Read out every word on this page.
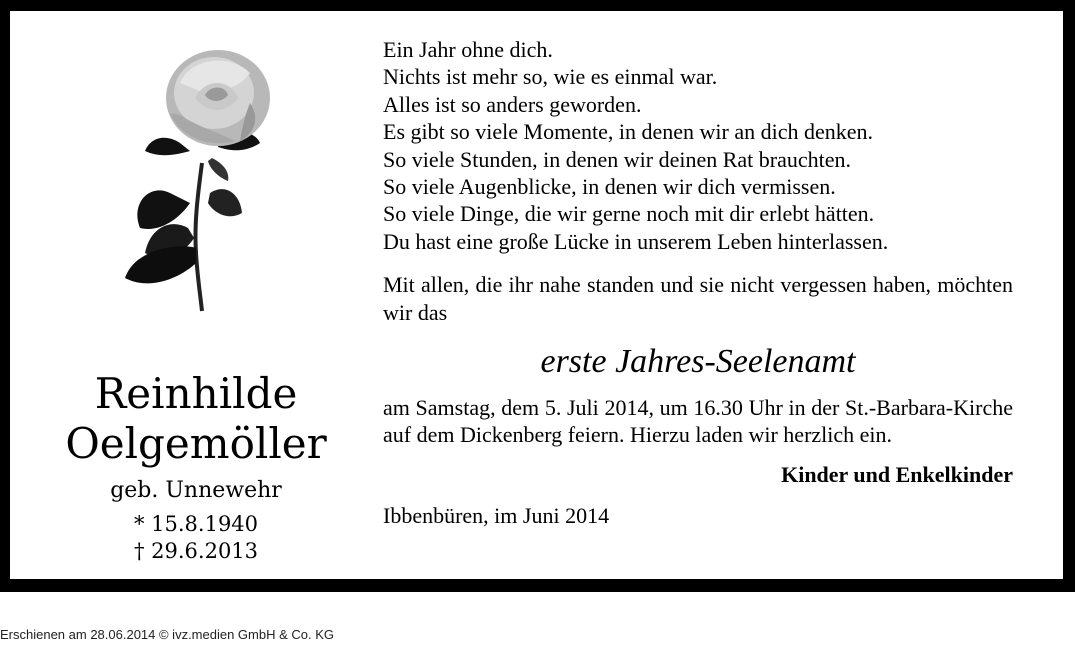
Reinhilde
Oelgemöller
geb. Unnewehr
* 15.8.1940
† 29.6.2013
Ein Jahr ohne dich.
Nichts ist mehr so, wie es einmal war.
Alles ist so anders geworden.
Es gibt so viele Momente, in denen wir an dich denken.
So viele Stunden, in denen wir deinen Rat brauchten.
So viele Augenblicke, in denen wir dich vermissen.
So viele Dinge, die wir gerne noch mit dir erlebt hätten.
Du hast eine große Lücke in unserem Leben hinterlassen.
Mit allen, die ihr nahe standen und sie nicht vergessen haben, möchten wir das
erste Jahres-Seelenamt
am Samstag, dem 5. Juli 2014, um 16.30 Uhr in der St.-Barbara-Kirche auf dem Dickenberg feiern. Hierzu laden wir herzlich ein.
Kinder und Enkelkinder
Ibbenbüren, im Juni 2014
Erschienen am 28.06.2014 © ivz.medien GmbH & Co. KG
